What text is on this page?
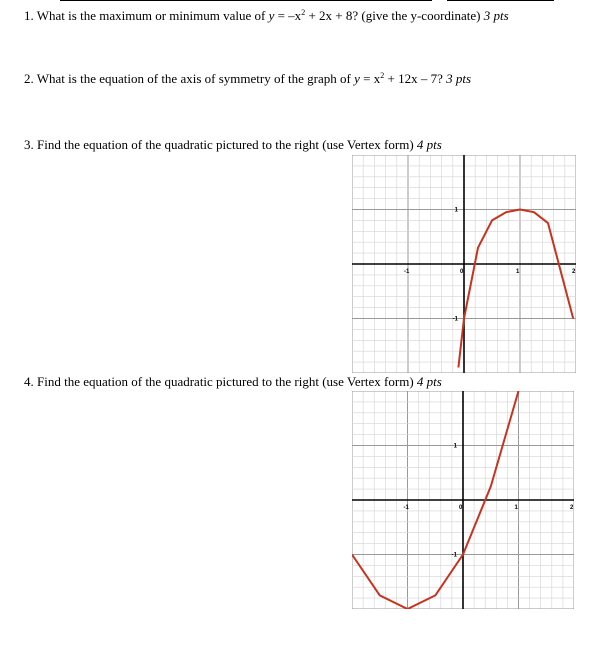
1. What is the maximum or minimum value of $y = -x^2 + 2x + 8$? (give the y-coordinate) 3 pts
2. What is the equation of the axis of symmetry of the graph of $y = x^2 + 12x - 7$? 3 pts
3. Find the equation of the quadratic pictured to the right (use Vertex form) 4 pts
-1	0	1	2
1
-1
4. Find the equation of the quadratic pictured to the right (use Vertex form) 4 pts
-1	0	1	2
1
-1
